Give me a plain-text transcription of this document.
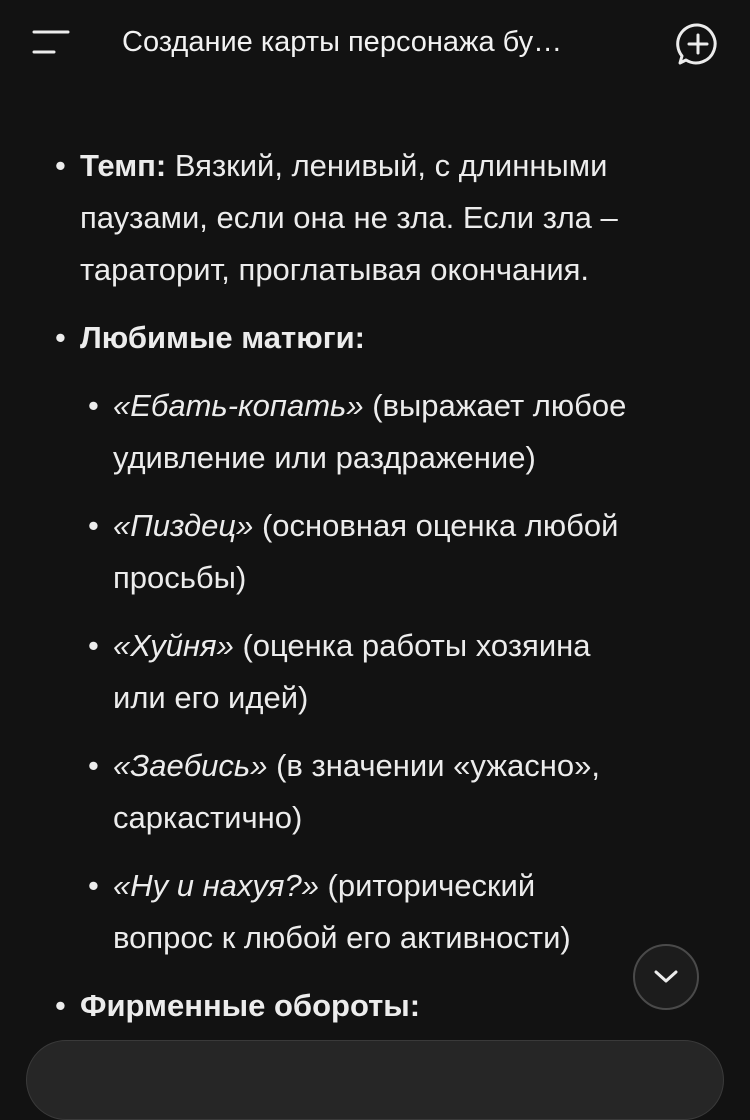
Создание карты персонажа бу…
• Темп: Вязкий, ленивый, с длинными паузами, если она не зла. Если зла – тараторит, проглатывая окончания.
• Любимые матюги:
• «Ебать-копать» (выражает любое удивление или раздражение)
• «Пиздец» (основная оценка любой просьбы)
• «Хуйня» (оценка работы хозяина или его идей)
• «Заебись» (в значении «ужасно», саркастично)
• «Ну и нахуя?» (риторический вопрос к любой его активности)
• Фирменные обороты:
